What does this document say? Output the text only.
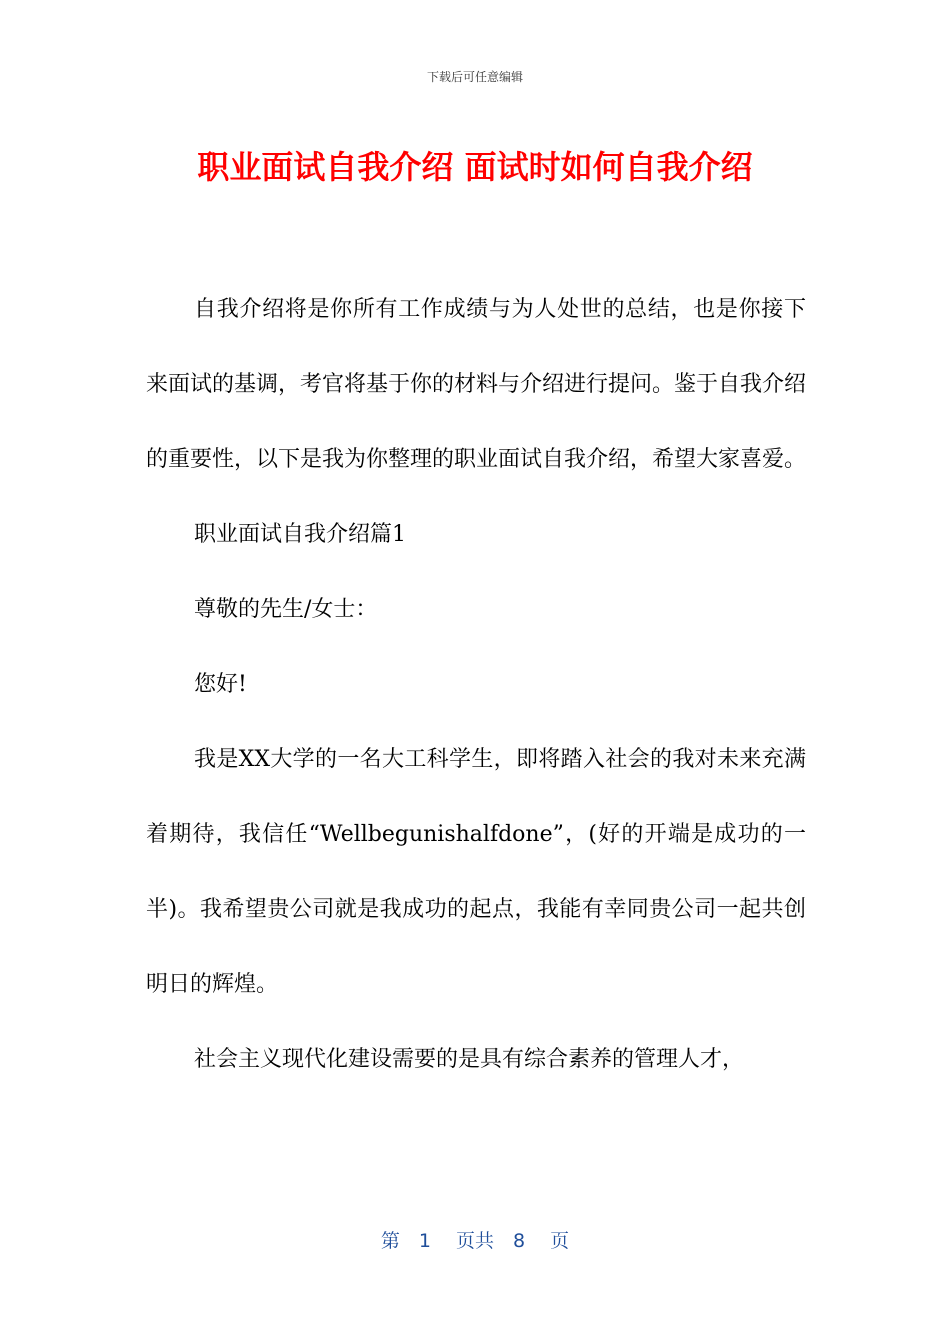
下载后可任意编辑
职业面试自我介绍 面试时如何自我介绍

自我介绍将是你所有工作成绩与为人处世的总结，也是你接下来面试的基调，考官将基于你的材料与介绍进行提问。鉴于自我介绍的重要性，以下是我为你整理的职业面试自我介绍，希望大家喜爱。

职业面试自我介绍篇1

尊敬的先生/女士：

您好!

我是XX大学的一名大工科学生，即将踏入社会的我对未来充满着期待，我信任“Wellbegunishalfdone”，(好的开端是成功的一半)。我希望贵公司就是我成功的起点，我能有幸同贵公司一起共创明日的辉煌。

社会主义现代化建设需要的是具有综合素养的管理人才，

第　1　 页共　8　 页
